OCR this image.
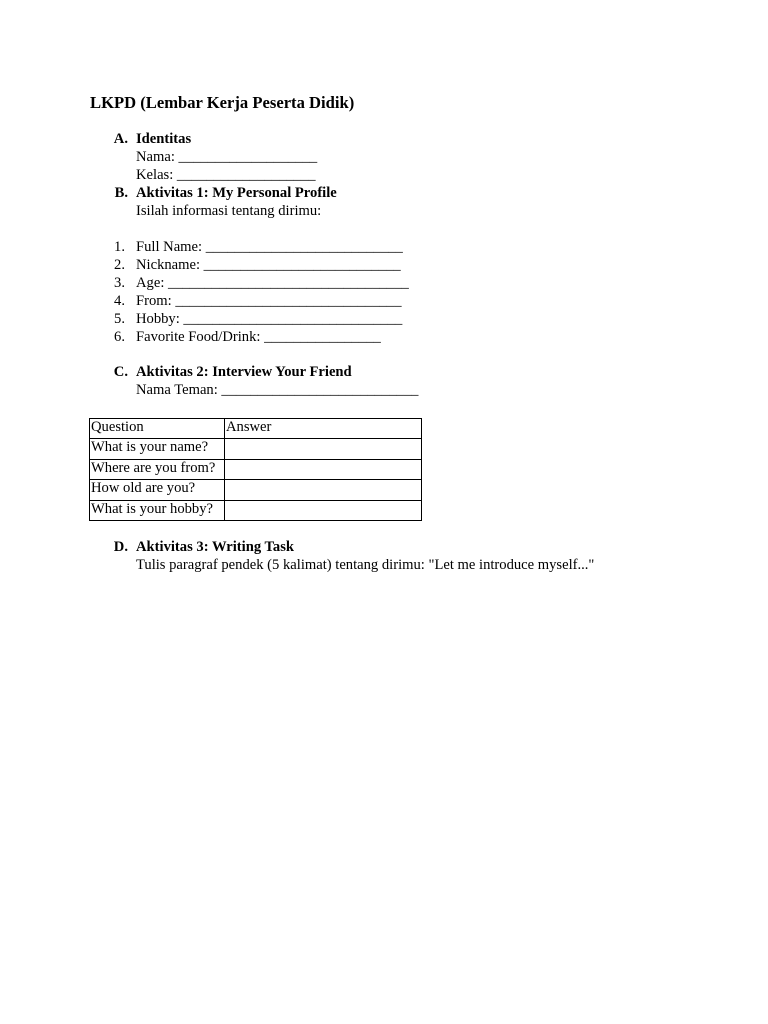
LKPD (Lembar Kerja Peserta Didik)
A. Identitas
Nama: ___________________
Kelas: ___________________
B. Aktivitas 1: My Personal Profile
Isilah informasi tentang dirimu:
1. Full Name: ___________________________
2. Nickname: ___________________________
3. Age: _________________________________
4. From: _______________________________
5. Hobby: ______________________________
6. Favorite Food/Drink: ________________
C. Aktivitas 2: Interview Your Friend
Nama Teman: ___________________________
Question	Answer
What is your name?	
Where are you from?	
How old are you?	
What is your hobby?	
D. Aktivitas 3: Writing Task
Tulis paragraf pendek (5 kalimat) tentang dirimu: "Let me introduce myself..."
